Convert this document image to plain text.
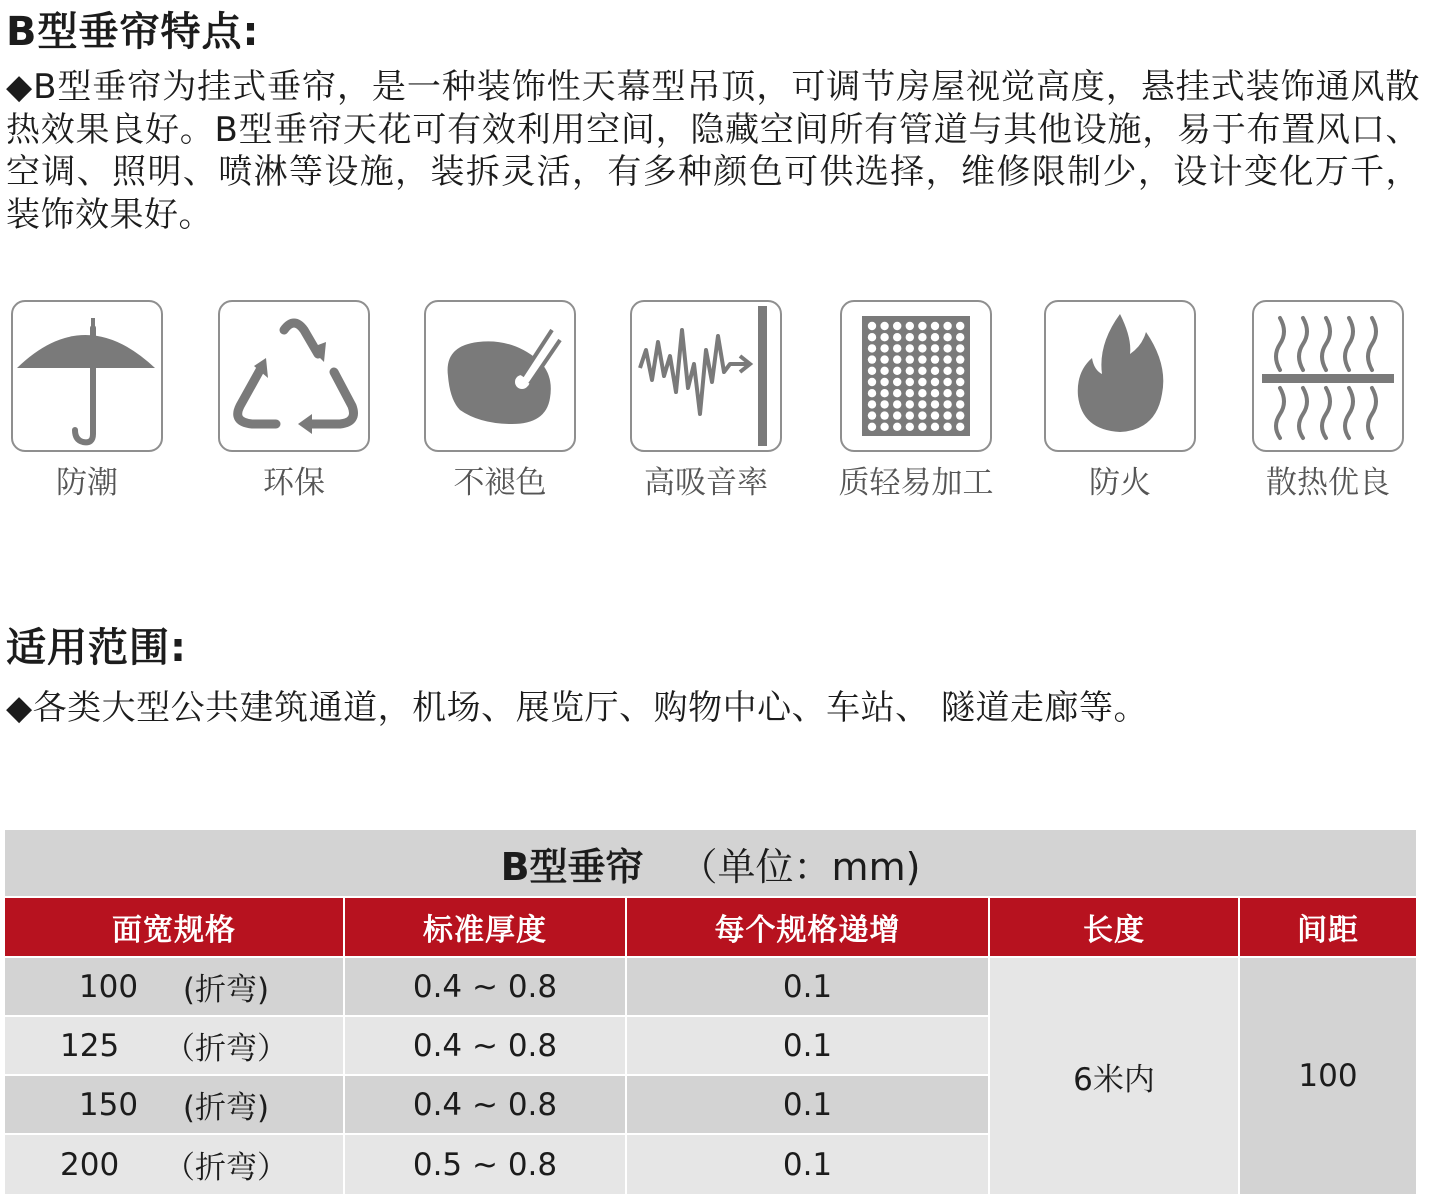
B型垂帘特点:
◆B型垂帘为挂式垂帘，是一种装饰性天幕型吊顶，可调节房屋视觉高度，悬挂式装饰通风散热效果良好。B型垂帘天花可有效利用空间，隐藏空间所有管道与其他设施，易于布置风口、空调、照明、喷淋等设施，装拆灵活，有多种颜色可供选择，维修限制少，设计变化万千，装饰效果好。
防潮	环保	不褪色	高吸音率	质轻易加工	防火	散热优良
适用范围:
◆各类大型公共建筑通道，机场、展览厅、购物中心、车站、 隧道走廊等。
B型垂帘 （单位：mm)
面宽规格	标准厚度	每个规格递增	长度	间距
100	(折弯)	0.4 ~ 0.8	0.1
125	（折弯）	0.4 ~ 0.8	0.1
150	(折弯)	0.4 ~ 0.8	0.1
200	（折弯）	0.5 ~ 0.8	0.1
6米内	100
